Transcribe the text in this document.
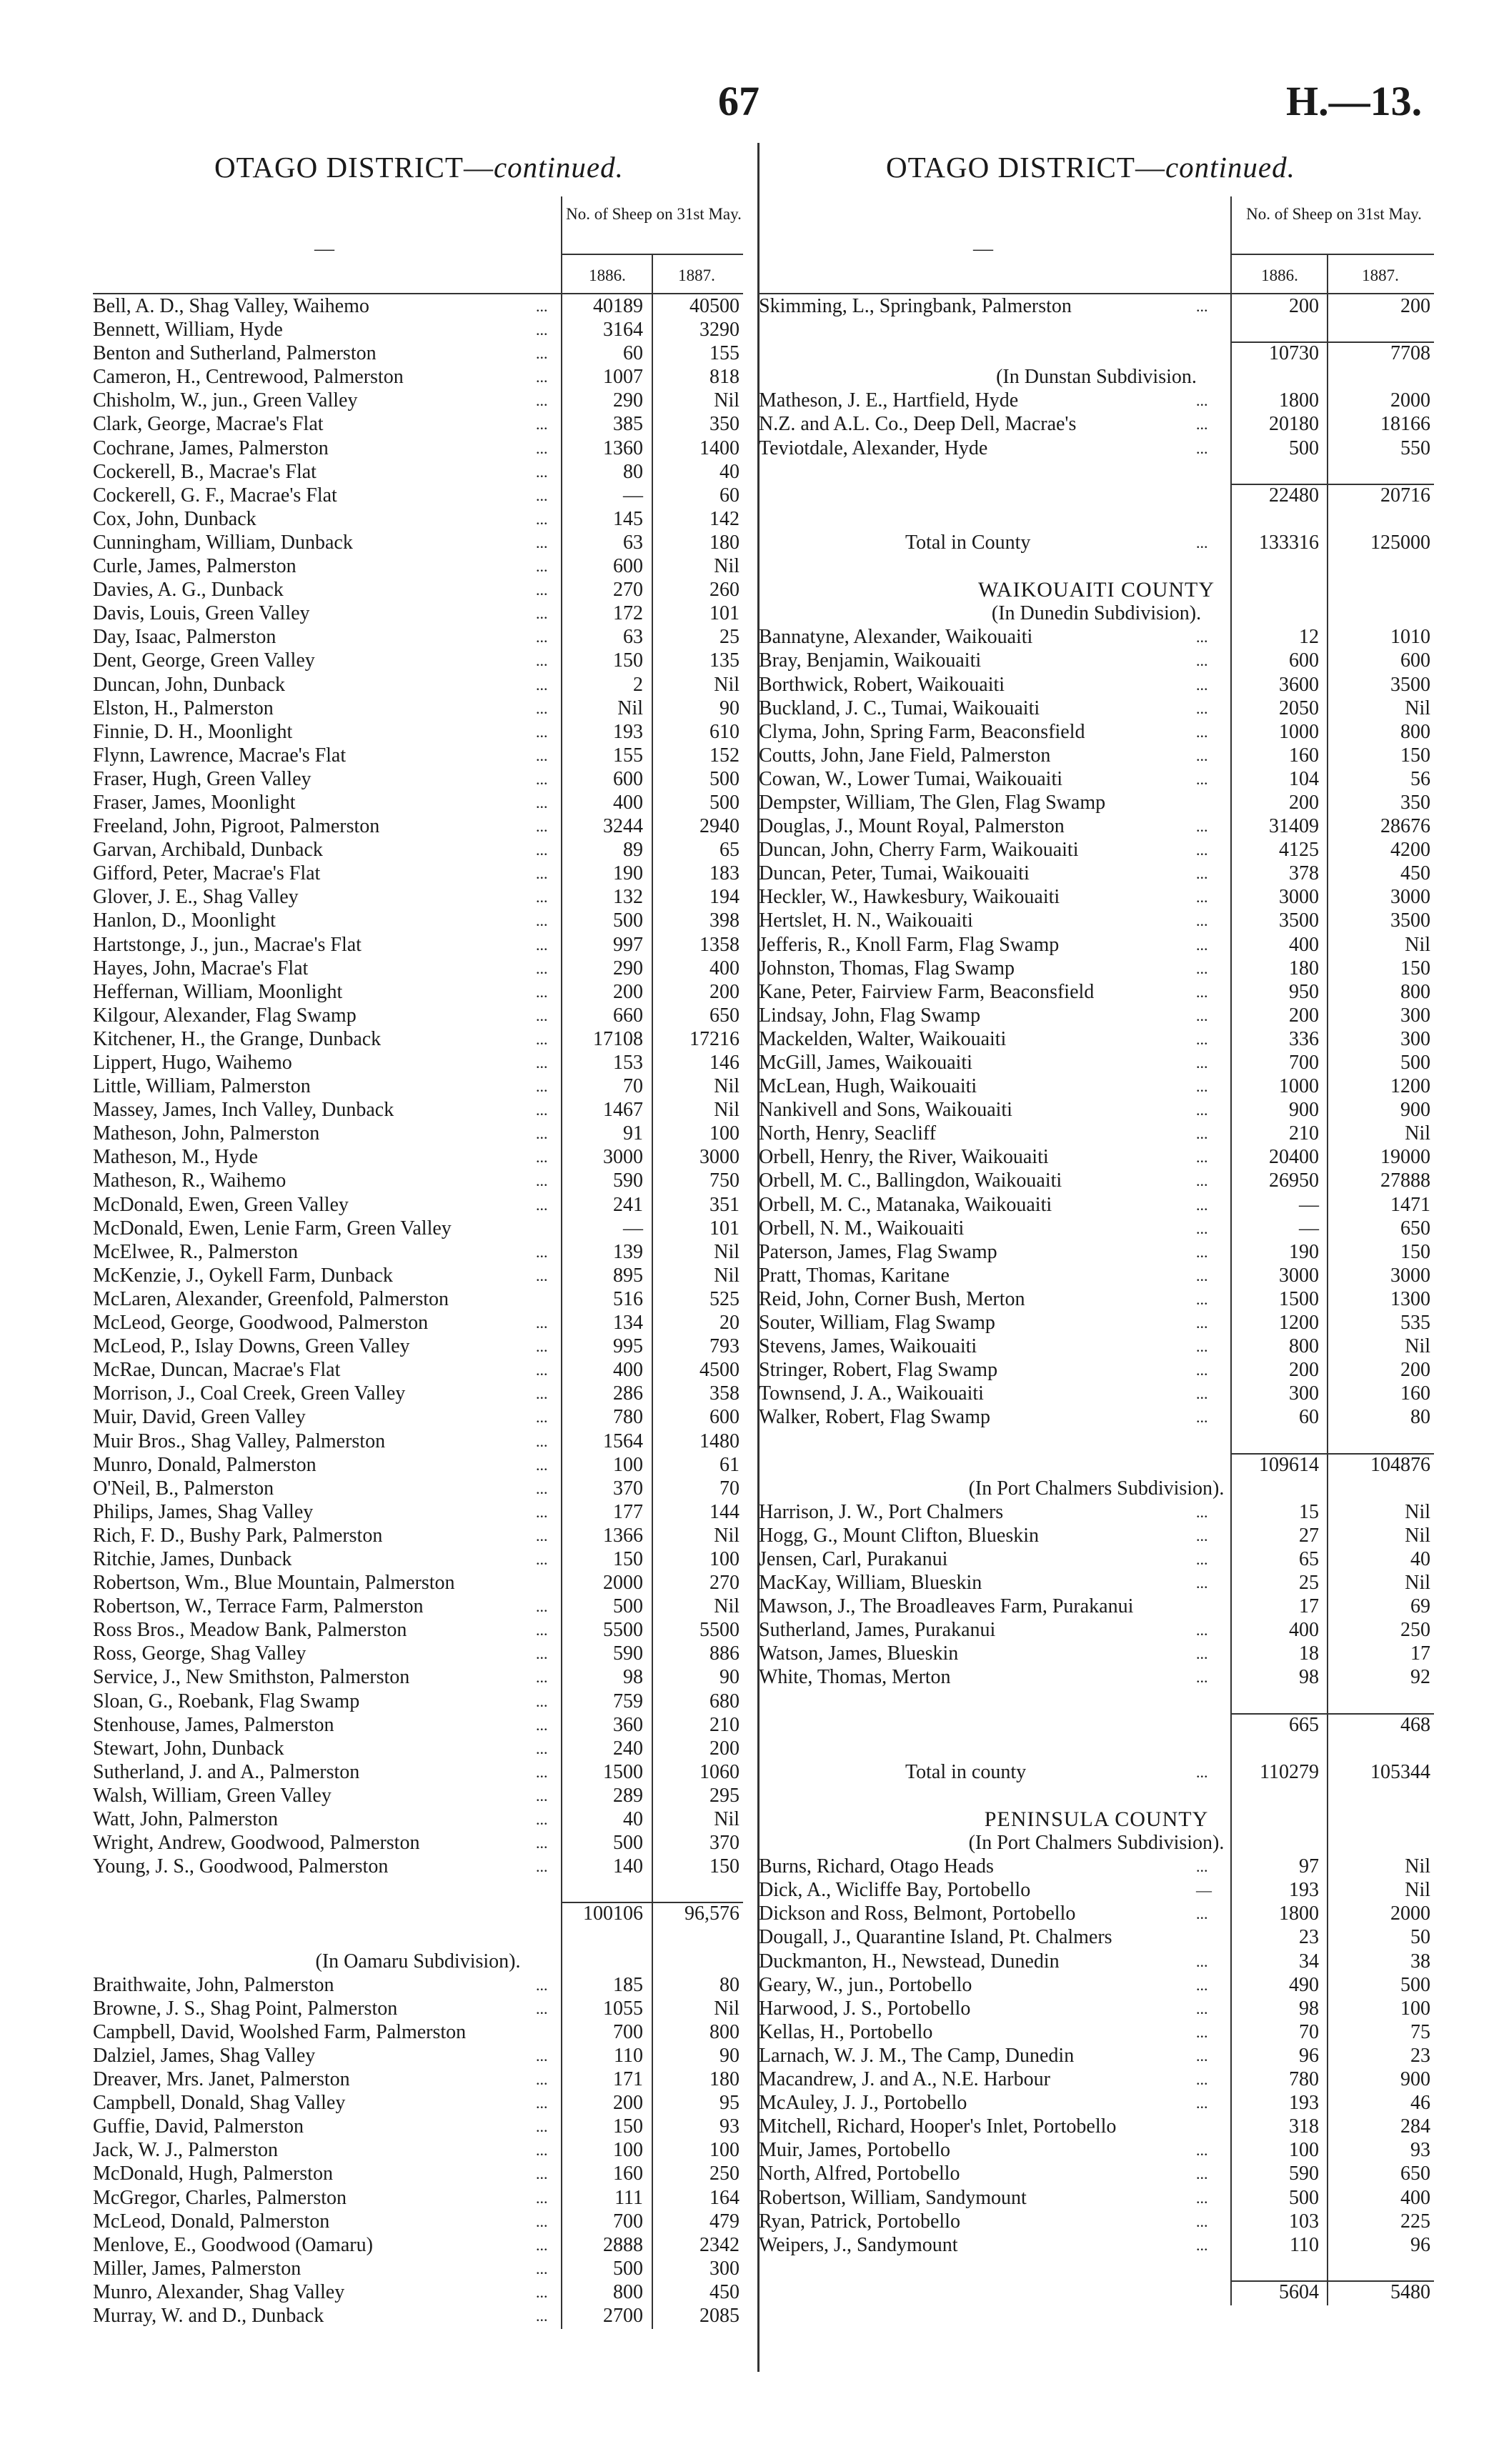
67	H.—13.
OTAGO DISTRICT—continued.	OTAGO DISTRICT—continued.
—
No. of Sheep on 31st May.
1886.	1887.
Bell, A. D., Shag Valley, Waihemo	...	40189	40500
Bennett, William, Hyde	...	3164	3290
Benton and Sutherland, Palmerston	...	60	155
Cameron, H., Centrewood, Palmerston	...	1007	818
Chisholm, W., jun., Green Valley	...	290	Nil
Clark, George, Macrae's Flat	...	385	350
Cochrane, James, Palmerston	...	1360	1400
Cockerell, B., Macrae's Flat	...	80	40
Cockerell, G. F., Macrae's Flat	...	—	60
Cox, John, Dunback	...	145	142
Cunningham, William, Dunback	...	63	180
Curle, James, Palmerston	...	600	Nil
Davies, A. G., Dunback	...	270	260
Davis, Louis, Green Valley	...	172	101
Day, Isaac, Palmerston	...	63	25
Dent, George, Green Valley	...	150	135
Duncan, John, Dunback	...	2	Nil
Elston, H., Palmerston	...	Nil	90
Finnie, D. H., Moonlight	...	193	610
Flynn, Lawrence, Macrae's Flat	...	155	152
Fraser, Hugh, Green Valley	...	600	500
Fraser, James, Moonlight	...	400	500
Freeland, John, Pigroot, Palmerston	...	3244	2940
Garvan, Archibald, Dunback	...	89	65
Gifford, Peter, Macrae's Flat	...	190	183
Glover, J. E., Shag Valley	...	132	194
Hanlon, D., Moonlight	...	500	398
Hartstonge, J., jun., Macrae's Flat	...	997	1358
Hayes, John, Macrae's Flat	...	290	400
Heffernan, William, Moonlight	...	200	200
Kilgour, Alexander, Flag Swamp	...	660	650
Kitchener, H., the Grange, Dunback	...	17108	17216
Lippert, Hugo, Waihemo	...	153	146
Little, William, Palmerston	...	70	Nil
Massey, James, Inch Valley, Dunback	...	1467	Nil
Matheson, John, Palmerston	...	91	100
Matheson, M., Hyde	...	3000	3000
Matheson, R., Waihemo	...	590	750
McDonald, Ewen, Green Valley	...	241	351
McDonald, Ewen, Lenie Farm, Green Valley	—	101
McElwee, R., Palmerston	...	139	Nil
McKenzie, J., Oykell Farm, Dunback	...	895	Nil
McLaren, Alexander, Greenfold, Palmerston	516	525
McLeod, George, Goodwood, Palmerston	...	134	20
McLeod, P., Islay Downs, Green Valley	...	995	793
McRae, Duncan, Macrae's Flat	...	400	4500
Morrison, J., Coal Creek, Green Valley	...	286	358
Muir, David, Green Valley	...	780	600
Muir Bros., Shag Valley, Palmerston	...	1564	1480
Munro, Donald, Palmerston	...	100	61
O'Neil, B., Palmerston	...	370	70
Philips, James, Shag Valley	...	177	144
Rich, F. D., Bushy Park, Palmerston	...	1366	Nil
Ritchie, James, Dunback	...	150	100
Robertson, Wm., Blue Mountain, Palmerston	2000	270
Robertson, W., Terrace Farm, Palmerston	...	500	Nil
Ross Bros., Meadow Bank, Palmerston	...	5500	5500
Ross, George, Shag Valley	...	590	886
Service, J., New Smithston, Palmerston	...	98	90
Sloan, G., Roebank, Flag Swamp	...	759	680
Stenhouse, James, Palmerston	...	360	210
Stewart, John, Dunback	...	240	200
Sutherland, J. and A., Palmerston	...	1500	1060
Walsh, William, Green Valley	...	289	295
Watt, John, Palmerston	...	40	Nil
Wright, Andrew, Goodwood, Palmerston	...	500	370
Young, J. S., Goodwood, Palmerston	...	140	150
100106	96,576
(In Oamaru Subdivision).
Braithwaite, John, Palmerston	...	185	80
Browne, J. S., Shag Point, Palmerston	...	1055	Nil
Campbell, David, Woolshed Farm, Palmerston	700	800
Dalziel, James, Shag Valley	...	110	90
Dreaver, Mrs. Janet, Palmerston	...	171	180
Campbell, Donald, Shag Valley	...	200	95
Guffie, David, Palmerston	...	150	93
Jack, W. J., Palmerston	...	100	100
McDonald, Hugh, Palmerston	...	160	250
McGregor, Charles, Palmerston	...	111	164
McLeod, Donald, Palmerston	...	700	479
Menlove, E., Goodwood (Oamaru)	...	2888	2342
Miller, James, Palmerston	...	500	300
Munro, Alexander, Shag Valley	...	800	450
Murray, W. and D., Dunback	...	2700	2085
—
No. of Sheep on 31st May.
1886.	1887.
Skimming, L., Springbank, Palmerston	...	200	200
10730	7708
(In Dunstan Subdivision.
Matheson, J. E., Hartfield, Hyde	...	1800	2000
N.Z. and A.L. Co., Deep Dell, Macrae's	...	20180	18166
Teviotdale, Alexander, Hyde	...	500	550
22480	20716
Total in County	...	133316	125000
WAIKOUAITI COUNTY
(In Dunedin Subdivision).
Bannatyne, Alexander, Waikouaiti	...	12	1010
Bray, Benjamin, Waikouaiti	...	600	600
Borthwick, Robert, Waikouaiti	...	3600	3500
Buckland, J. C., Tumai, Waikouaiti	...	2050	Nil
Clyma, John, Spring Farm, Beaconsfield	...	1000	800
Coutts, John, Jane Field, Palmerston	...	160	150
Cowan, W., Lower Tumai, Waikouaiti	...	104	56
Dempster, William, The Glen, Flag Swamp	200	350
Douglas, J., Mount Royal, Palmerston	...	31409	28676
Duncan, John, Cherry Farm, Waikouaiti	...	4125	4200
Duncan, Peter, Tumai, Waikouaiti	...	378	450
Heckler, W., Hawkesbury, Waikouaiti	...	3000	3000
Hertslet, H. N., Waikouaiti	...	3500	3500
Jefferis, R., Knoll Farm, Flag Swamp	...	400	Nil
Johnston, Thomas, Flag Swamp	...	180	150
Kane, Peter, Fairview Farm, Beaconsfield	...	950	800
Lindsay, John, Flag Swamp	...	200	300
Mackelden, Walter, Waikouaiti	...	336	300
McGill, James, Waikouaiti	...	700	500
McLean, Hugh, Waikouaiti	...	1000	1200
Nankivell and Sons, Waikouaiti	...	900	900
North, Henry, Seacliff	...	210	Nil
Orbell, Henry, the River, Waikouaiti	...	20400	19000
Orbell, M. C., Ballingdon, Waikouaiti	...	26950	27888
Orbell, M. C., Matanaka, Waikouaiti	...	—	1471
Orbell, N. M., Waikouaiti	...	—	650
Paterson, James, Flag Swamp	...	190	150
Pratt, Thomas, Karitane	...	3000	3000
Reid, John, Corner Bush, Merton	...	1500	1300
Souter, William, Flag Swamp	...	1200	535
Stevens, James, Waikouaiti	...	800	Nil
Stringer, Robert, Flag Swamp	...	200	200
Townsend, J. A., Waikouaiti	...	300	160
Walker, Robert, Flag Swamp	...	60	80
109614	104876
(In Port Chalmers Subdivision).
Harrison, J. W., Port Chalmers	...	15	Nil
Hogg, G., Mount Clifton, Blueskin	...	27	Nil
Jensen, Carl, Purakanui	...	65	40
MacKay, William, Blueskin	...	25	Nil
Mawson, J., The Broadleaves Farm, Purakanui	17	69
Sutherland, James, Purakanui	...	400	250
Watson, James, Blueskin	...	18	17
White, Thomas, Merton	...	98	92
665	468
Total in county	...	110279	105344
PENINSULA COUNTY
(In Port Chalmers Subdivision).
Burns, Richard, Otago Heads	...	97	Nil
Dick, A., Wicliffe Bay, Portobello	—	193	Nil
Dickson and Ross, Belmont, Portobello	...	1800	2000
Dougall, J., Quarantine Island, Pt. Chalmers	23	50
Duckmanton, H., Newstead, Dunedin	...	34	38
Geary, W., jun., Portobello	...	490	500
Harwood, J. S., Portobello	...	98	100
Kellas, H., Portobello	...	70	75
Larnach, W. J. M., The Camp, Dunedin	...	96	23
Macandrew, J. and A., N.E. Harbour	...	780	900
McAuley, J. J., Portobello	...	193	46
Mitchell, Richard, Hooper's Inlet, Portobello	318	284
Muir, James, Portobello	...	100	93
North, Alfred, Portobello	...	590	650
Robertson, William, Sandymount	...	500	400
Ryan, Patrick, Portobello	...	103	225
Weipers, J., Sandymount	...	110	96
5604	5480
